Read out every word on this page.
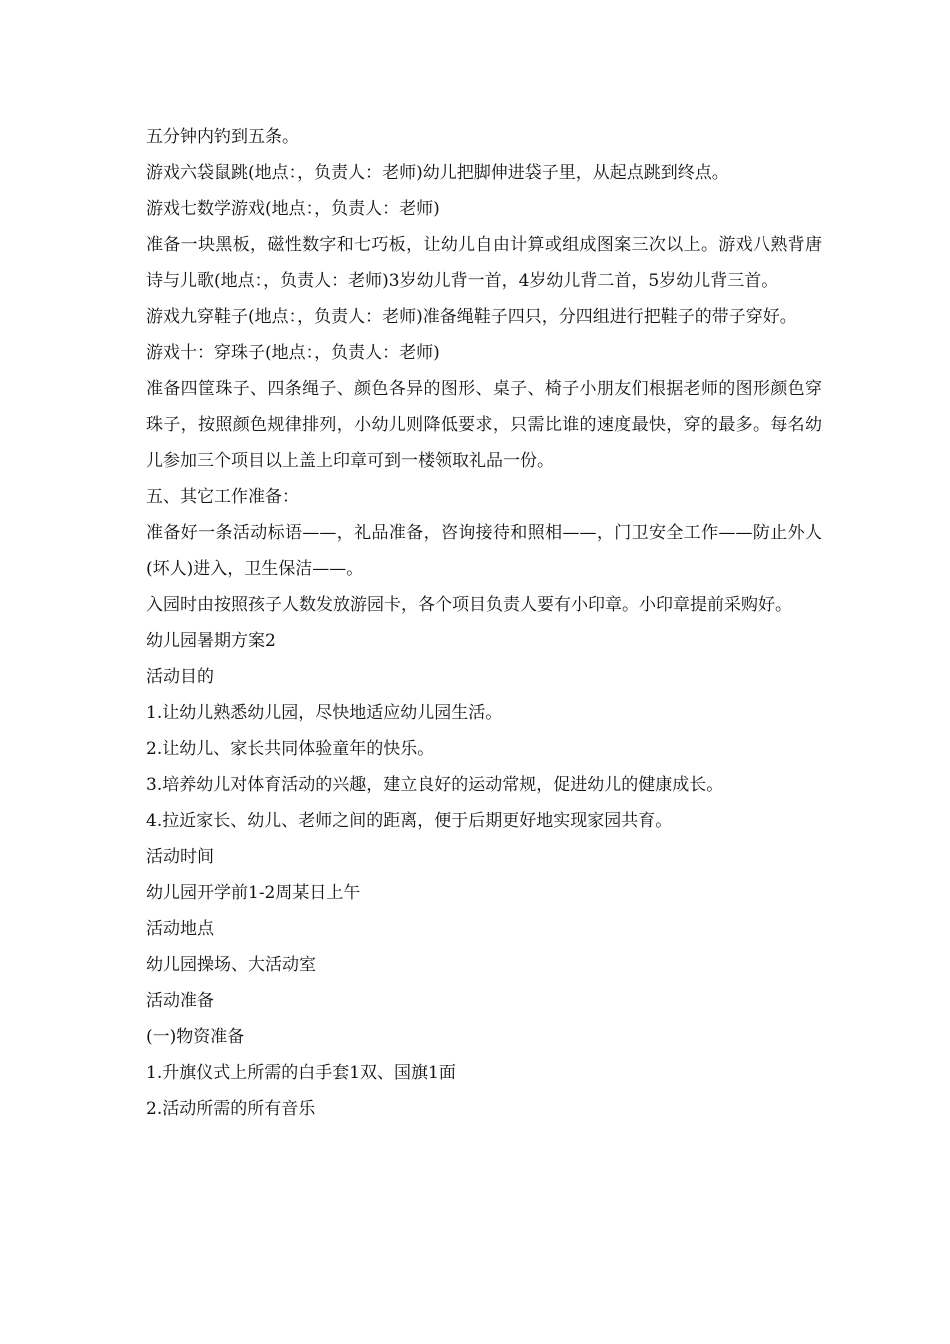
五分钟内钓到五条。

游戏六袋鼠跳(地点：，负责人：老师)幼儿把脚伸进袋子里，从起点跳到终点。

游戏七数学游戏(地点：，负责人：老师)

准备一块黑板，磁性数字和七巧板，让幼儿自由计算或组成图案三次以上。游戏八熟背唐诗与儿歌(地点：，负责人：老师)3岁幼儿背一首，4岁幼儿背二首，5岁幼儿背三首。

游戏九穿鞋子(地点：，负责人：老师)准备绳鞋子四只，分四组进行把鞋子的带子穿好。

游戏十：穿珠子(地点：，负责人：老师)

准备四筐珠子、四条绳子、颜色各异的图形、桌子、椅子小朋友们根据老师的图形颜色穿珠子，按照颜色规律排列，小幼儿则降低要求，只需比谁的速度最快，穿的最多。每名幼儿参加三个项目以上盖上印章可到一楼领取礼品一份。

五、其它工作准备：

准备好一条活动标语——，礼品准备，咨询接待和照相——，门卫安全工作——防止外人(坏人)进入，卫生保洁——。

入园时由按照孩子人数发放游园卡，各个项目负责人要有小印章。小印章提前采购好。

幼儿园暑期方案2

活动目的

1.让幼儿熟悉幼儿园，尽快地适应幼儿园生活。

2.让幼儿、家长共同体验童年的快乐。

3.培养幼儿对体育活动的兴趣，建立良好的运动常规，促进幼儿的健康成长。

4.拉近家长、幼儿、老师之间的距离，便于后期更好地实现家园共育。

活动时间

幼儿园开学前1-2周某日上午

活动地点

幼儿园操场、大活动室

活动准备

(一)物资准备

1.升旗仪式上所需的白手套1双、国旗1面

2.活动所需的所有音乐
